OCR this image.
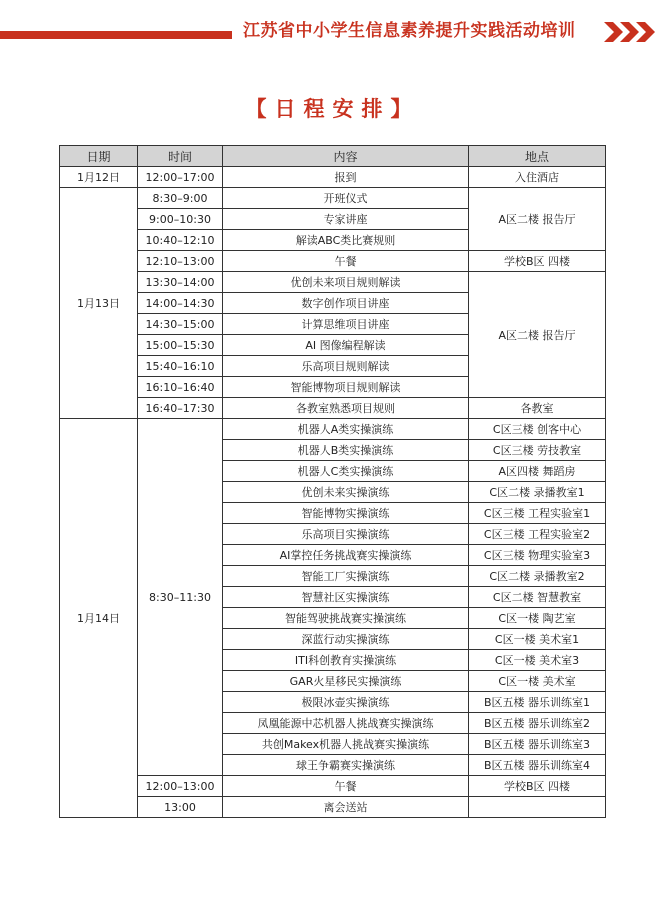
江苏省中小学生信息素养提升实践活动培训
【日程安排】
日期	时间	内容	地点
1月12日	12:00–17:00	报到	入住酒店
1月13日	8:30–9:00	开班仪式	A区二楼 报告厅
	9:00–10:30	专家讲座	
	10:40–12:10	解读ABC类比赛规则	
	12:10–13:00	午餐	学校B区 四楼
	13:30–14:00	优创未来项目规则解读	A区二楼 报告厅
	14:00–14:30	数字创作项目讲座	
	14:30–15:00	计算思维项目讲座	
	15:00–15:30	AI 图像编程解读	
	15:40–16:10	乐高项目规则解读	
	16:10–16:40	智能博物项目规则解读	
	16:40–17:30	各教室熟悉项目规则	各教室
1月14日	8:30–11:30	机器人A类实操演练	C区三楼 创客中心
		机器人B类实操演练	C区三楼 劳技教室
		机器人C类实操演练	A区四楼 舞蹈房
		优创未来实操演练	C区二楼 录播教室1
		智能博物实操演练	C区三楼 工程实验室1
		乐高项目实操演练	C区三楼 工程实验室2
		AI掌控任务挑战赛实操演练	C区三楼 物理实验室3
		智能工厂实操演练	C区二楼 录播教室2
		智慧社区实操演练	C区二楼 智慧教室
		智能驾驶挑战赛实操演练	C区一楼 陶艺室
		深蓝行动实操演练	C区一楼 美术室1
		ITI科创教育实操演练	C区一楼 美术室3
		GAR火星移民实操演练	C区一楼 美术室
		极限冰壶实操演练	B区五楼 器乐训练室1
		凤凰能源中芯机器人挑战赛实操演练	B区五楼 器乐训练室2
		共创Makex机器人挑战赛实操演练	B区五楼 器乐训练室3
		球王争霸赛实操演练	B区五楼 器乐训练室4
	12:00–13:00	午餐	学校B区 四楼
	13:00	离会送站	
